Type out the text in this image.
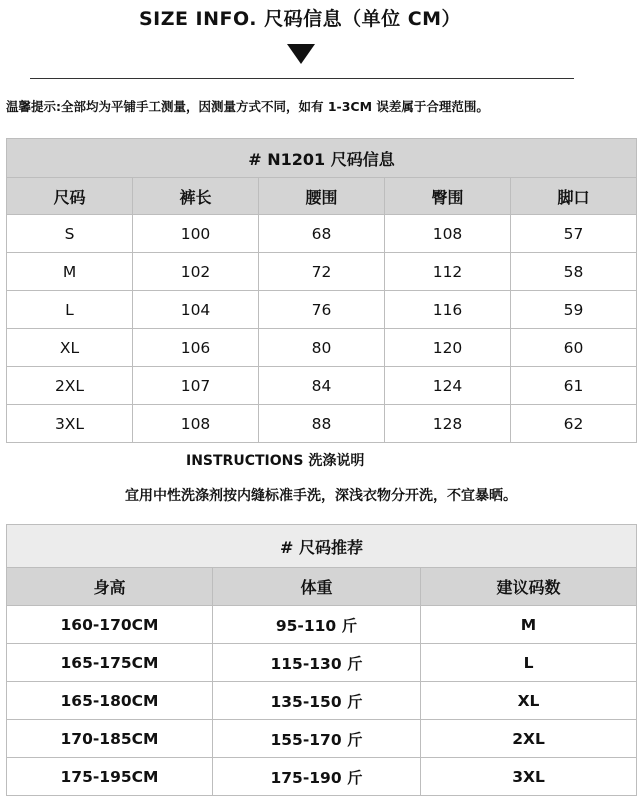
SIZE INFO. 尺码信息（单位 CM）
温馨提示:全部均为平铺手工测量，因测量方式不同，如有 1-3CM 误差属于合理范围。
# N1201 尺码信息				
尺码	裤长	腰围	臀围	脚口
S	100	68	108	57
M	102	72	112	58
L	104	76	116	59
XL	106	80	120	60
2XL	107	84	124	61
3XL	108	88	128	62
INSTRUCTIONS 洗涤说明
宜用中性洗涤剂按内缝标准手洗，深浅衣物分开洗，不宜暴晒。
# 尺码推荐		
身高	体重	建议码数
160-170CM	95-110 斤	M
165-175CM	115-130 斤	L
165-180CM	135-150 斤	XL
170-185CM	155-170 斤	2XL
175-195CM	175-190 斤	3XL
